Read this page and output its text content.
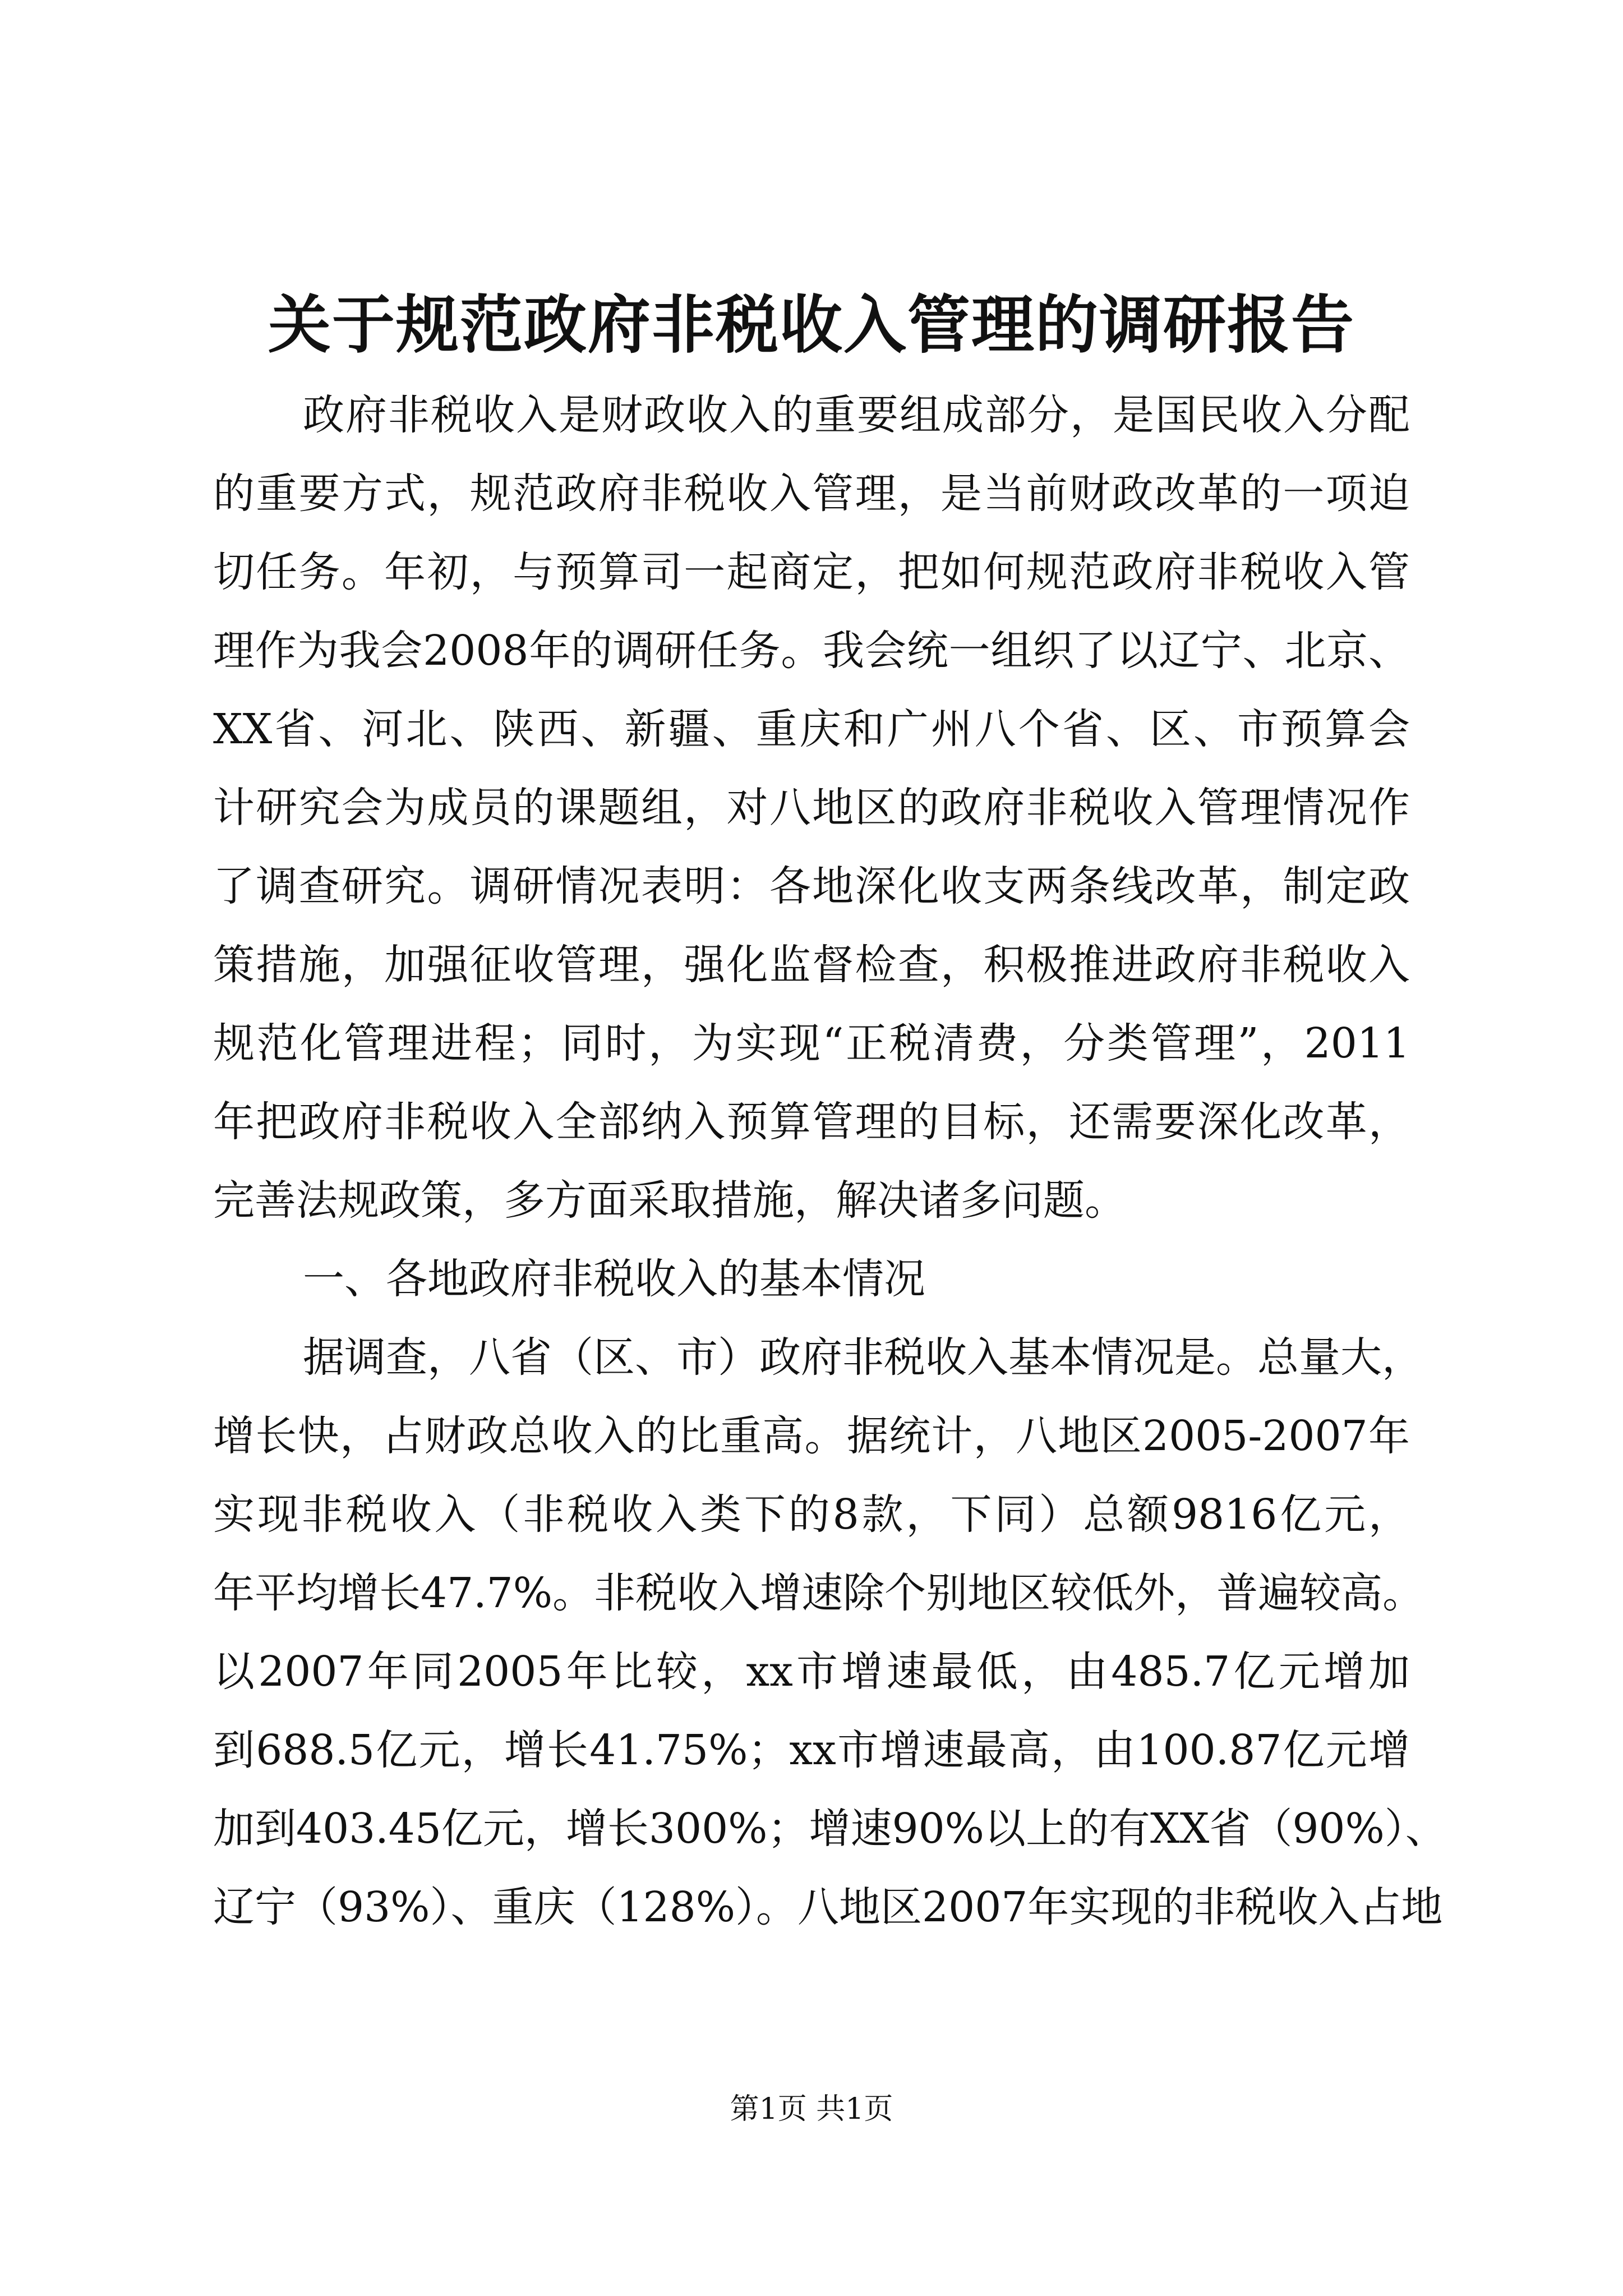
关于规范政府非税收入管理的调研报告
政府非税收入是财政收入的重要组成部分，是国民收入分配
的重要方式，规范政府非税收入管理，是当前财政改革的一项迫
切任务。年初，与预算司一起商定，把如何规范政府非税收入管
理作为我会2008年的调研任务。我会统一组织了以辽宁、北京、
XX省、河北、陕西、新疆、重庆和广州八个省、区、市预算会
计研究会为成员的课题组，对八地区的政府非税收入管理情况作
了调查研究。调研情况表明：各地深化收支两条线改革，制定政
策措施，加强征收管理，强化监督检查，积极推进政府非税收入
规范化管理进程；同时，为实现“正税清费，分类管理”，2011
年把政府非税收入全部纳入预算管理的目标，还需要深化改革，
完善法规政策，多方面采取措施，解决诸多问题。
一、各地政府非税收入的基本情况
据调查，八省（区、市）政府非税收入基本情况是。总量大，
增长快，占财政总收入的比重高。据统计，八地区2005-2007年
实现非税收入（非税收入类下的8款，下同）总额9816亿元，
年平均增长47.7%。非税收入增速除个别地区较低外，普遍较高。
以2007年同2005年比较，xx市增速最低，由485.7亿元增加
到688.5亿元，增长41.75%；xx市增速最高，由100.87亿元增
加到403.45亿元，增长300%；增速90%以上的有XX省（90%）、
辽宁（93%）、重庆（128%）。八地区2007年实现的非税收入占地
第1页 共1页
